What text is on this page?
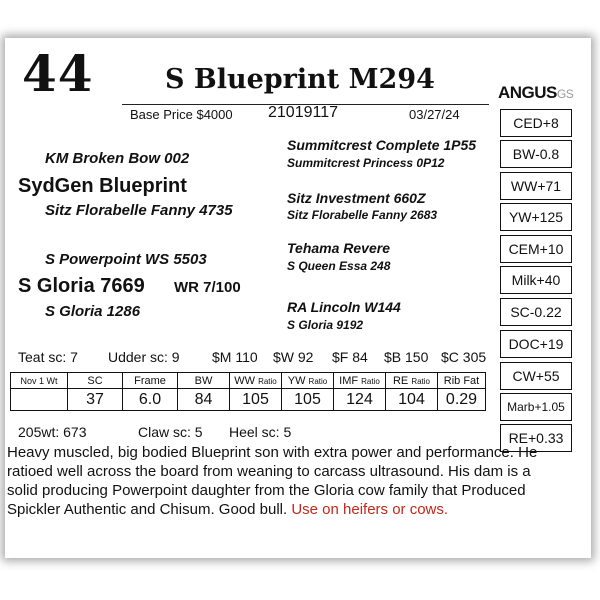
44	S Blueprint M294
Base Price $4000 21019117	03/27/24
ANGUSGS
KM Broken Bow 002
SydGen Blueprint
Sitz Florabelle Fanny 4735
S Powerpoint WS 5503
S Gloria 7669 WR 7/100
S Gloria 1286
Summitcrest Complete 1P55
Summitcrest Princess 0P12
Sitz Investment 660Z
Sitz Florabelle Fanny 2683
Tehama Revere
S Queen Essa 248
RA Lincoln W144
S Gloria 9192
CED+8
BW-0.8
WW+71
YW+125
CEM+10
Milk+40
SC-0.22
DOC+19
CW+55
Marb+1.05
RE+0.33
Teat sc: 7 Udder sc: 9 $M 110 $W 92 $F 84 $B 150 $C 305
Nov 1 Wt	SC	Frame	BW	WW Ratio	YW Ratio	IMF Ratio	RE Ratio	Rib Fat
	37	6.0	84	105	105	124	104	0.29
205wt: 673	Claw sc: 5 Heel sc: 5
Heavy muscled, big bodied Blueprint son with extra power and performance. He ratioed well across the board from weaning to carcass ultrasound. His dam is a solid producing Powerpoint daughter from the Gloria cow family that Produced Spickler Authentic and Chisum. Good bull. Use on heifers or cows.
